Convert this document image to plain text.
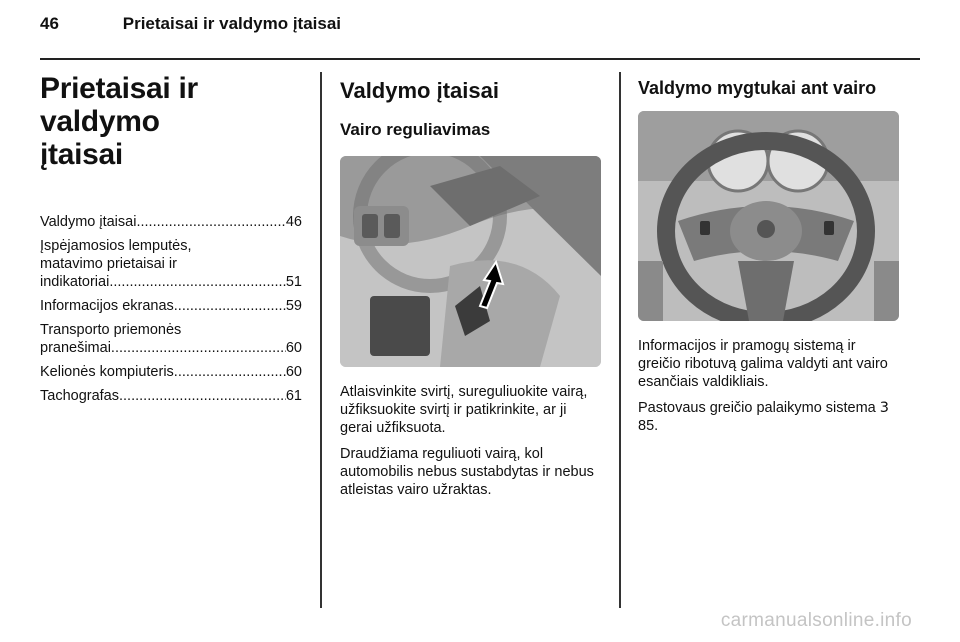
46	Prietaisai ir valdymo įtaisai
Prietaisai ir valdymo
įtaisai
Valdymo įtaisai .....	46
Įspėjamosios lemputės,
matavimo prietaisai ir
indikatoriai .....	51
Informacijos ekranas .....	59
Transporto priemonės
pranešimai .....	60
Kelionės kompiuteris .....	60
Tachografas .....	61
Valdymo įtaisai
Vairo reguliavimas

Atlaisvinkite svirtį, sureguliuokite vairą, užfiksuokite svirtį ir patikrinkite, ar ji gerai užfiksuota.

Draudžiama reguliuoti vairą, kol automobilis nebus sustabdytas ir nebus atleistas vairo užraktas.

Valdymo mygtukai ant vairo

Informacijos ir pramogų sistemą ir greičio ribotuvą galima valdyti ant vairo esančiais valdikliais.

Pastovaus greičio palaikymo sistema 3 85.

carmanualsonline.info
